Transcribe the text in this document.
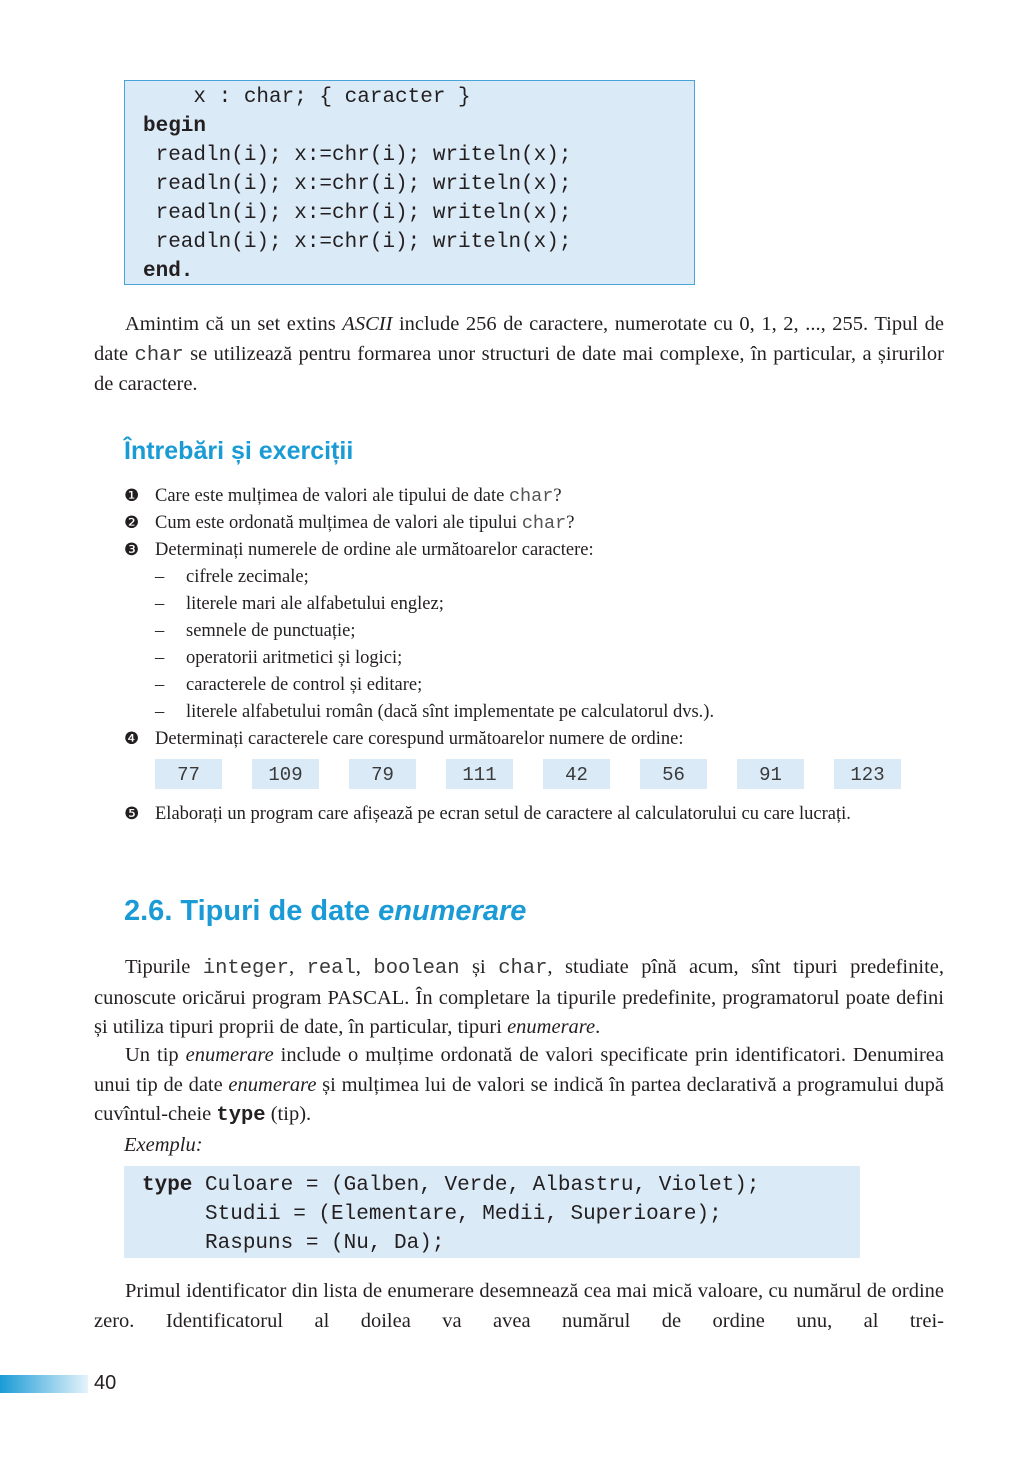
x : char; { caracter }
begin
readln(i); x:=chr(i); writeln(x);
readln(i); x:=chr(i); writeln(x);
readln(i); x:=chr(i); writeln(x);
readln(i); x:=chr(i); writeln(x);
end.

Amintim că un set extins ASCII include 256 de caractere, numerotate cu 0, 1, 2, ..., 255. Tipul de date char se utilizează pentru formarea unor structuri de date mai complexe, în particular, a șirurilor de caractere.

Întrebări și exerciții
❶ Care este mulțimea de valori ale tipului de date char?
❷ Cum este ordonată mulțimea de valori ale tipului char?
❸ Determinați numerele de ordine ale următoarelor caractere:
– cifrele zecimale;
– literele mari ale alfabetului englez;
– semnele de punctuație;
– operatorii aritmetici și logici;
– caracterele de control și editare;
– literele alfabetului român (dacă sînt implementate pe calculatorul dvs.).
❹ Determinați caracterele care corespund următoarelor numere de ordine:
77	109	79	111	42	56	91	123
❺ Elaborați un program care afișează pe ecran setul de caractere al calculatorului cu care lucrați.
2.6. Tipuri de date enumerare

Tipurile integer, real, boolean și char, studiate pînă acum, sînt tipuri predefinite, cunoscute oricărui program PASCAL. În completare la tipurile predefinite, programatorul poate defini și utiliza tipuri proprii de date, în particular, tipuri enumerare.

Un tip enumerare include o mulțime ordonată de valori specificate prin identificatori. Denumirea unui tip de date enumerare și mulțimea lui de valori se indică în partea declarativă a programului după cuvîntul-cheie type (tip).

Exemplu:
type Culoare = (Galben, Verde, Albastru, Violet);
Studii = (Elementare, Medii, Superioare);
Raspuns = (Nu, Da);

Primul identificator din lista de enumerare desemnează cea mai mică valoare, cu numărul de ordine zero. Identificatorul al doilea va avea numărul de ordine unu, al trei-

40
